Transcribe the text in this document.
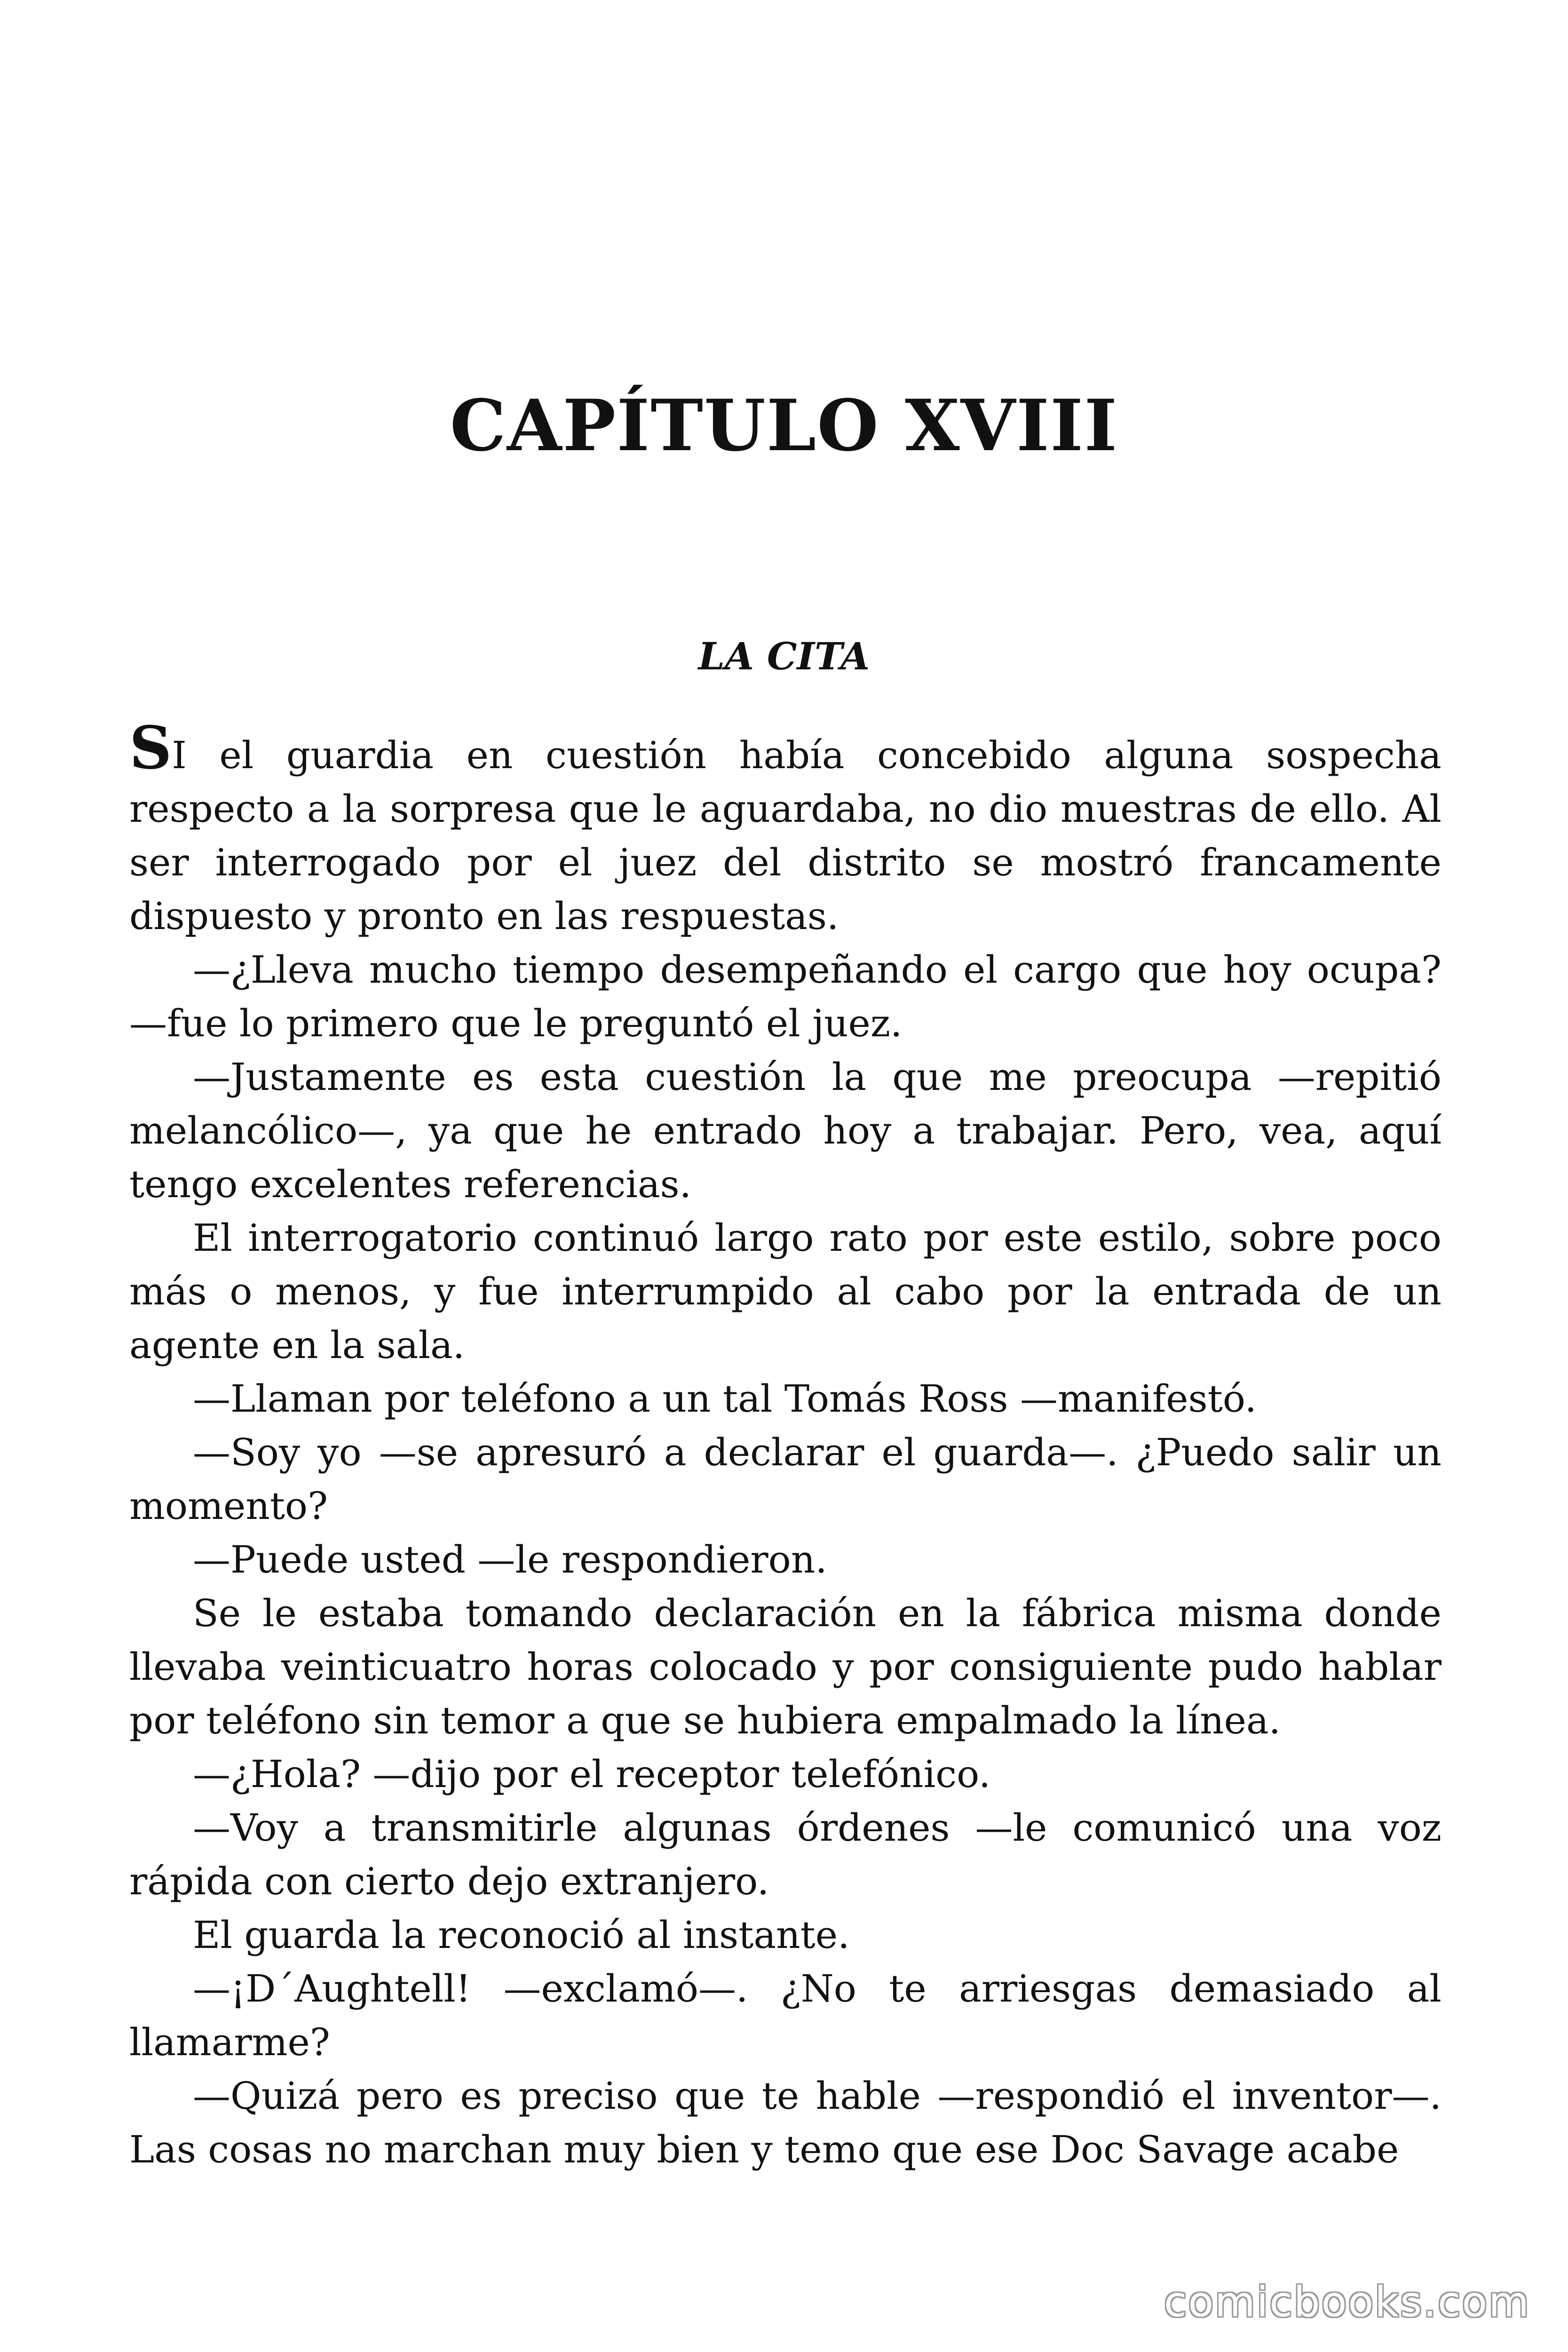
CAPÍTULO XVIII
LA CITA

SI el guardia en cuestión había concebido alguna sospecha respecto a la sorpresa que le aguardaba, no dio muestras de ello. Al ser interrogado por el juez del distrito se mostró francamente dispuesto y pronto en las respuestas.

—¿Lleva mucho tiempo desempeñando el cargo que hoy ocupa? —fue lo primero que le preguntó el juez.

—Justamente es esta cuestión la que me preocupa —repitió melancólico—, ya que he entrado hoy a trabajar. Pero, vea, aquí tengo excelentes referencias.

El interrogatorio continuó largo rato por este estilo, sobre poco más o menos, y fue interrumpido al cabo por la entrada de un agente en la sala.

—Llaman por teléfono a un tal Tomás Ross —manifestó.

—Soy yo —se apresuró a declarar el guarda—. ¿Puedo salir un momento?

—Puede usted —le respondieron.

Se le estaba tomando declaración en la fábrica misma donde llevaba veinticuatro horas colocado y por consiguiente pudo hablar por teléfono sin temor a que se hubiera empalmado la línea.

—¿Hola? —dijo por el receptor telefónico.

—Voy a transmitirle algunas órdenes —le comunicó una voz rápida con cierto dejo extranjero.

El guarda la reconoció al instante.

—¡D´Aughtell! —exclamó—. ¿No te arriesgas demasiado al llamarme?

—Quizá pero es preciso que te hable —respondió el inventor—. Las cosas no marchan muy bien y temo que ese Doc Savage acabe

comicbooks.com
